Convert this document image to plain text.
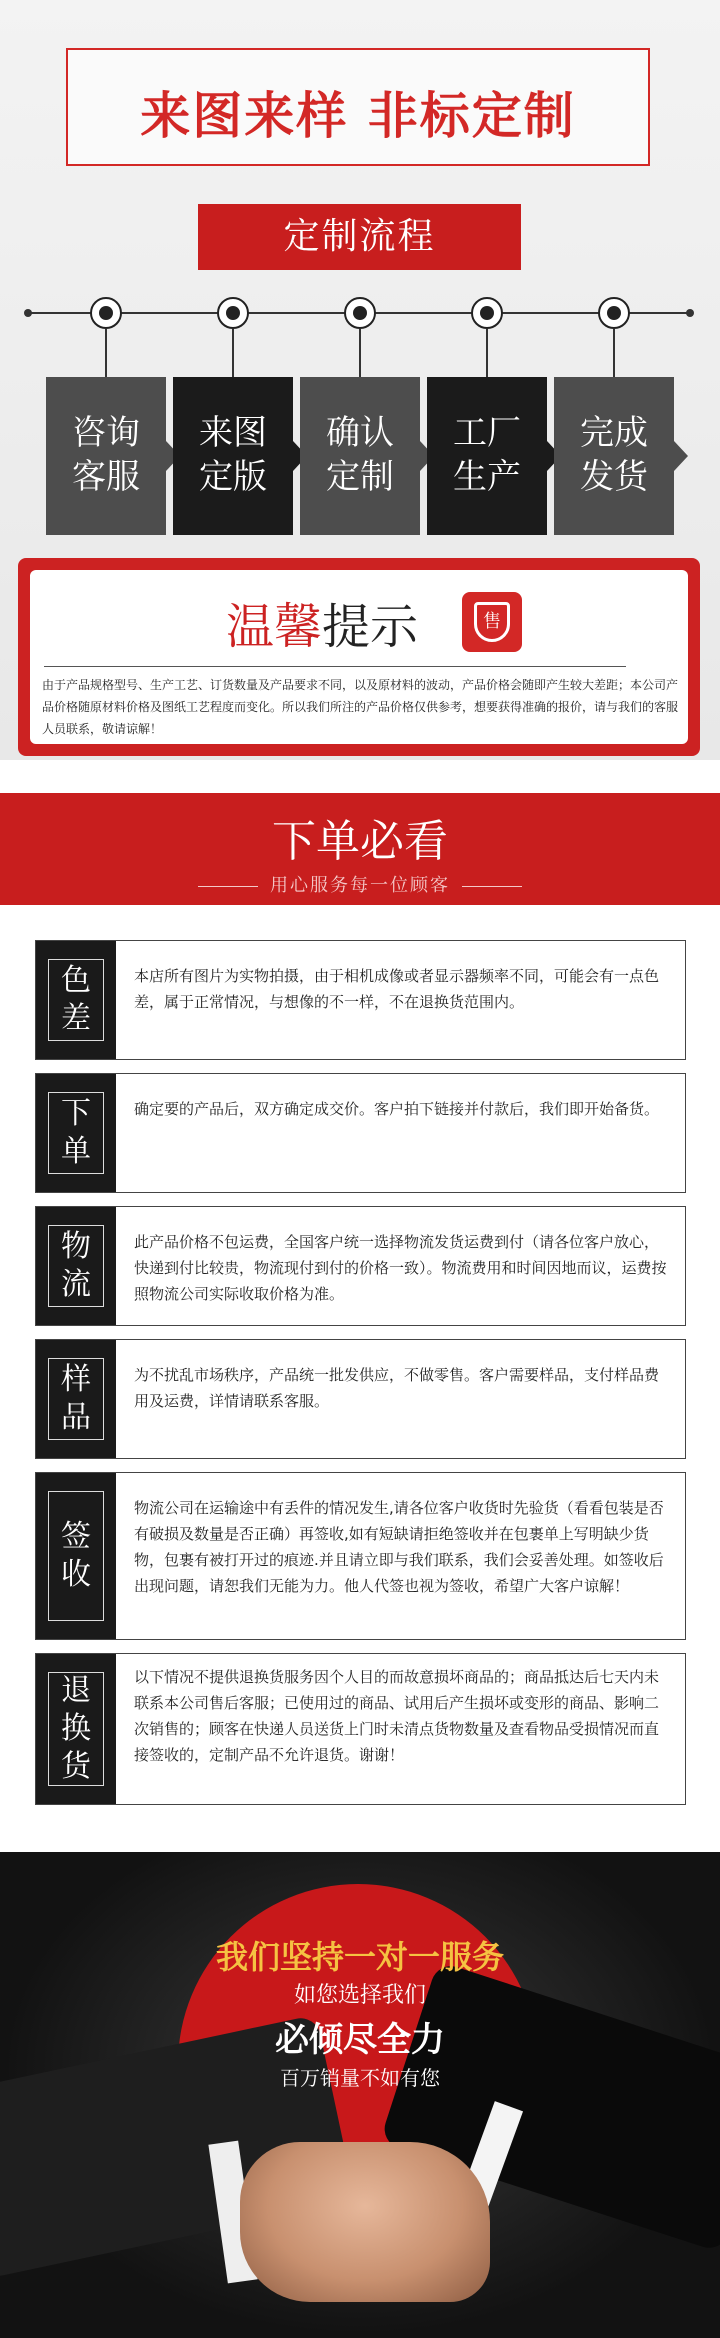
来图来样 非标定制
定制流程
咨询
客服
来图
定版
确认
定制
工厂
生产
完成
发货
温馨提示	售
由于产品规格型号、生产工艺、订货数量及产品要求不同，以及原材料的波动，产品价格会随即产生较大差距；本公司产品价格随原材料价格及图纸工艺程度而变化。所以我们所注的产品价格仅供参考，想要获得准确的报价，请与我们的客服人员联系，敬请谅解！
下单必看
用心服务每一位顾客
色
差
本店所有图片为实物拍摄，由于相机成像或者显示器频率不同，可能会有一点色差，属于正常情况，与想像的不一样，不在退换货范围内。
下
单
确定要的产品后，双方确定成交价。客户拍下链接并付款后，我们即开始备货。
物
流
此产品价格不包运费，全国客户统一选择物流发货运费到付（请各位客户放心，快递到付比较贵，物流现付到付的价格一致）。物流费用和时间因地而议，运费按照物流公司实际收取价格为准。
样
品
为不扰乱市场秩序，产品统一批发供应，不做零售。客户需要样品，支付样品费用及运费，详情请联系客服。
签
收
物流公司在运输途中有丢件的情况发生,请各位客户收货时先验货（看看包装是否有破损及数量是否正确）再签收,如有短缺请拒绝签收并在包裹单上写明缺少货物，包裹有被打开过的痕迹.并且请立即与我们联系，我们会妥善处理。如签收后出现问题，请恕我们无能为力。他人代签也视为签收，希望广大客户谅解！
退
换
货
以下情况不提供退换货服务因个人目的而故意损坏商品的；商品抵达后七天内未联系本公司售后客服；已使用过的商品、试用后产生损坏或变形的商品、影响二次销售的；顾客在快递人员送货上门时未清点货物数量及查看物品受损情况而直接签收的，定制产品不允许退货。谢谢！
我们坚持一对一服务
如您选择我们
必倾尽全力
百万销量不如有您
